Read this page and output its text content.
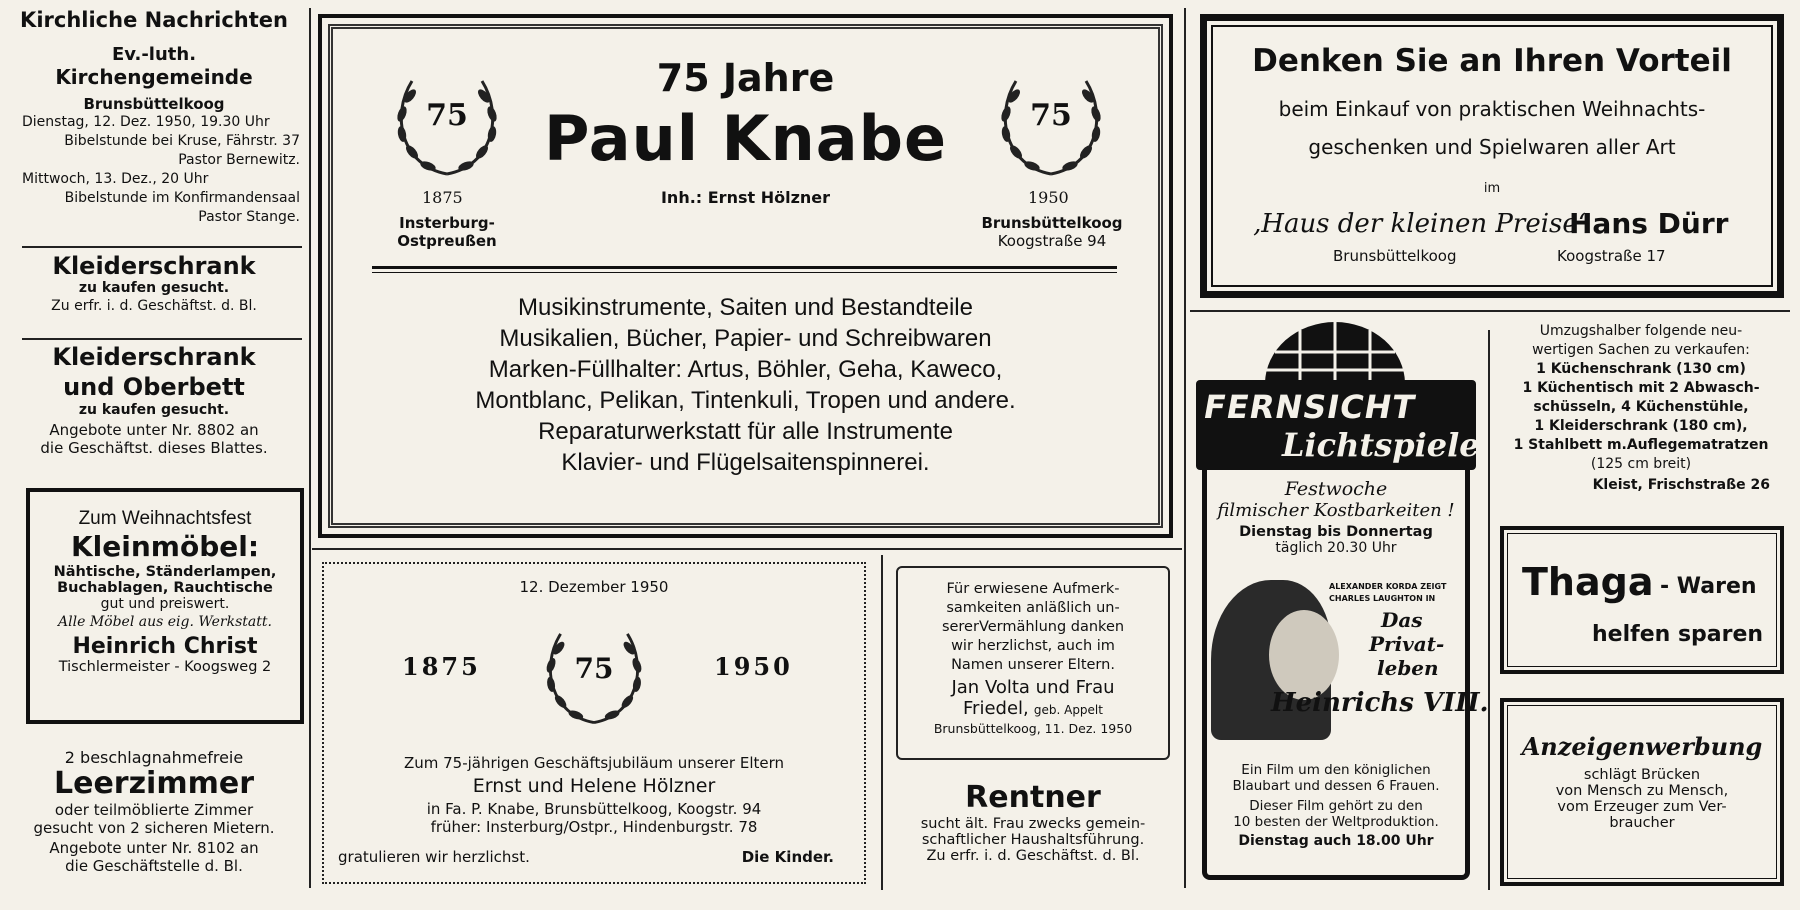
Kirchliche Nachrichten
Ev.-luth.
Kirchengemeinde
Brunsbüttelkoog
Dienstag, 12. Dez. 1950, 19.30 Uhr
Bibelstunde bei Kruse, Fährstr. 37
Pastor Bernewitz.
Mittwoch, 13. Dez., 20 Uhr
Bibelstunde im Konfirmandensaal
Pastor Stange.
Kleiderschrank
zu kaufen gesucht.
Zu erfr. i. d. Geschäftst. d. Bl.
Kleiderschrank
und Oberbett
zu kaufen gesucht.
Angebote unter Nr. 8802 an
die Geschäftst. dieses Blattes.
Zum Weihnachtsfest
Kleinmöbel:
Nähtische, Ständerlampen,
Buchablagen, Rauchtische
gut und preiswert.
Alle Möbel aus eig. Werkstatt.
Heinrich Christ
Tischlermeister - Koogsweg 2
2 beschlagnahmefreie
Leerzimmer
oder teilmöblierte Zimmer
gesucht von 2 sicheren Mietern.
Angebote unter Nr. 8102 an
die Geschäftstelle d. Bl.
75	75
75 Jahre
Paul Knabe
1875	1950
Inh.: Ernst Hölzner
Insterburg-
Ostpreußen
Brunsbüttelkoog
Koogstraße 94
Musikinstrumente, Saiten und Bestandteile
Musikalien, Bücher, Papier- und Schreibwaren
Marken-Füllhalter: Artus, Böhler, Geha, Kaweco,
Montblanc, Pelikan, Tintenkuli, Tropen und andere.
Reparaturwerkstatt für alle Instrumente
Klavier- und Flügelsaitenspinnerei.
12. Dezember 1950
1875	1950
75
Zum 75-jährigen Geschäftsjubiläum unserer Eltern
Ernst und Helene Hölzner
in Fa. P. Knabe, Brunsbüttelkoog, Koogstr. 94
früher: Insterburg/Ostpr., Hindenburgstr. 78
gratulieren wir herzlichst.	Die Kinder.
Für erwiesene Aufmerk-
samkeiten anläßlich un-
sererVermählung danken
wir herzlichst, auch im
Namen unserer Eltern.
Jan Volta und Frau
Friedel, geb. Appelt
Brunsbüttelkoog, 11. Dez. 1950
Rentner
sucht ält. Frau zwecks gemein-
schaftlicher Haushaltsführung.
Zu erfr. i. d. Geschäftst. d. Bl.
Denken Sie an Ihren Vorteil
beim Einkauf von praktischen Weihnachts-
geschenken und Spielwaren aller Art
im
‚Haus der kleinen Preise‘
Hans Dürr
Brunsbüttelkoog	Koogstraße 17
FERNSICHT
Lichtspiele
Festwoche
filmischer Kostbarkeiten !
Dienstag bis Donnertag
täglich 20.30 Uhr
ALEXANDER KORDA ZEIGT
CHARLES LAUGHTON IN
Das
Privat-
leben
Heinrichs VIII.
Ein Film um den königlichen
Blaubart und dessen 6 Frauen.
Dieser Film gehört zu den
10 besten der Weltproduktion.
Dienstag auch 18.00 Uhr
Umzugshalber folgende neu-
wertigen Sachen zu verkaufen:
1 Küchenschrank (130 cm)
1 Küchentisch mit 2 Abwasch-
schüsseln, 4 Küchenstühle,
1 Kleiderschrank (180 cm),
1 Stahlbett m.Auflegematratzen
(125 cm breit)
Kleist, Frischstraße 26
Thaga - Waren
helfen sparen
Anzeigenwerbung
schlägt Brücken
von Mensch zu Mensch,
vom Erzeuger zum Ver-
braucher
